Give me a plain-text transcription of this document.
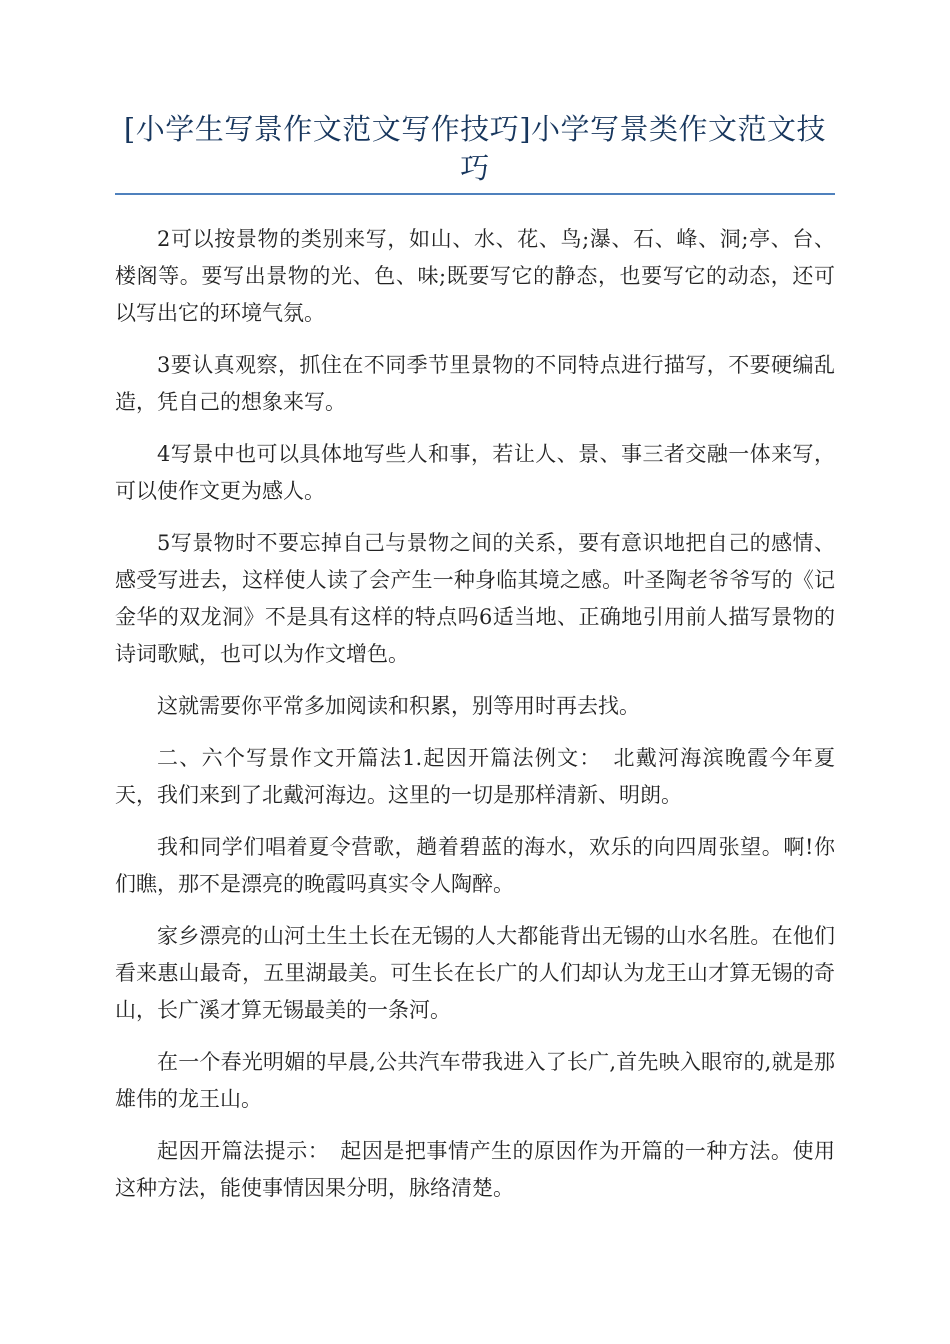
[小学生写景作文范文写作技巧]小学写景类作文范文技巧

2可以按景物的类别来写，如山、水、花、鸟;瀑、石、峰、洞;亭、台、楼阁等。要写出景物的光、色、味;既要写它的静态，也要写它的动态，还可以写出它的环境气氛。

3要认真观察，抓住在不同季节里景物的不同特点进行描写，不要硬编乱造，凭自己的想象来写。

4写景中也可以具体地写些人和事，若让人、景、事三者交融一体来写，可以使作文更为感人。

5写景物时不要忘掉自己与景物之间的关系，要有意识地把自己的感情、感受写进去，这样使人读了会产生一种身临其境之感。叶圣陶老爷爷写的《记金华的双龙洞》不是具有这样的特点吗6适当地、正确地引用前人描写景物的诗词歌赋，也可以为作文增色。

这就需要你平常多加阅读和积累，别等用时再去找。

二、六个写景作文开篇法1.起因开篇法例文：　北戴河海滨晚霞今年夏天，我们来到了北戴河海边。这里的一切是那样清新、明朗。

我和同学们唱着夏令营歌，趟着碧蓝的海水，欢乐的向四周张望。啊!你们瞧，那不是漂亮的晚霞吗真实令人陶醉。

家乡漂亮的山河土生土长在无锡的人大都能背出无锡的山水名胜。在他们看来惠山最奇，五里湖最美。可生长在长广的人们却认为龙王山才算无锡的奇山，长广溪才算无锡最美的一条河。

在一个春光明媚的早晨,公共汽车带我进入了长广,首先映入眼帘的,就是那雄伟的龙王山。

起因开篇法提示：　起因是把事情产生的原因作为开篇的一种方法。使用这种方法，能使事情因果分明，脉络清楚。
